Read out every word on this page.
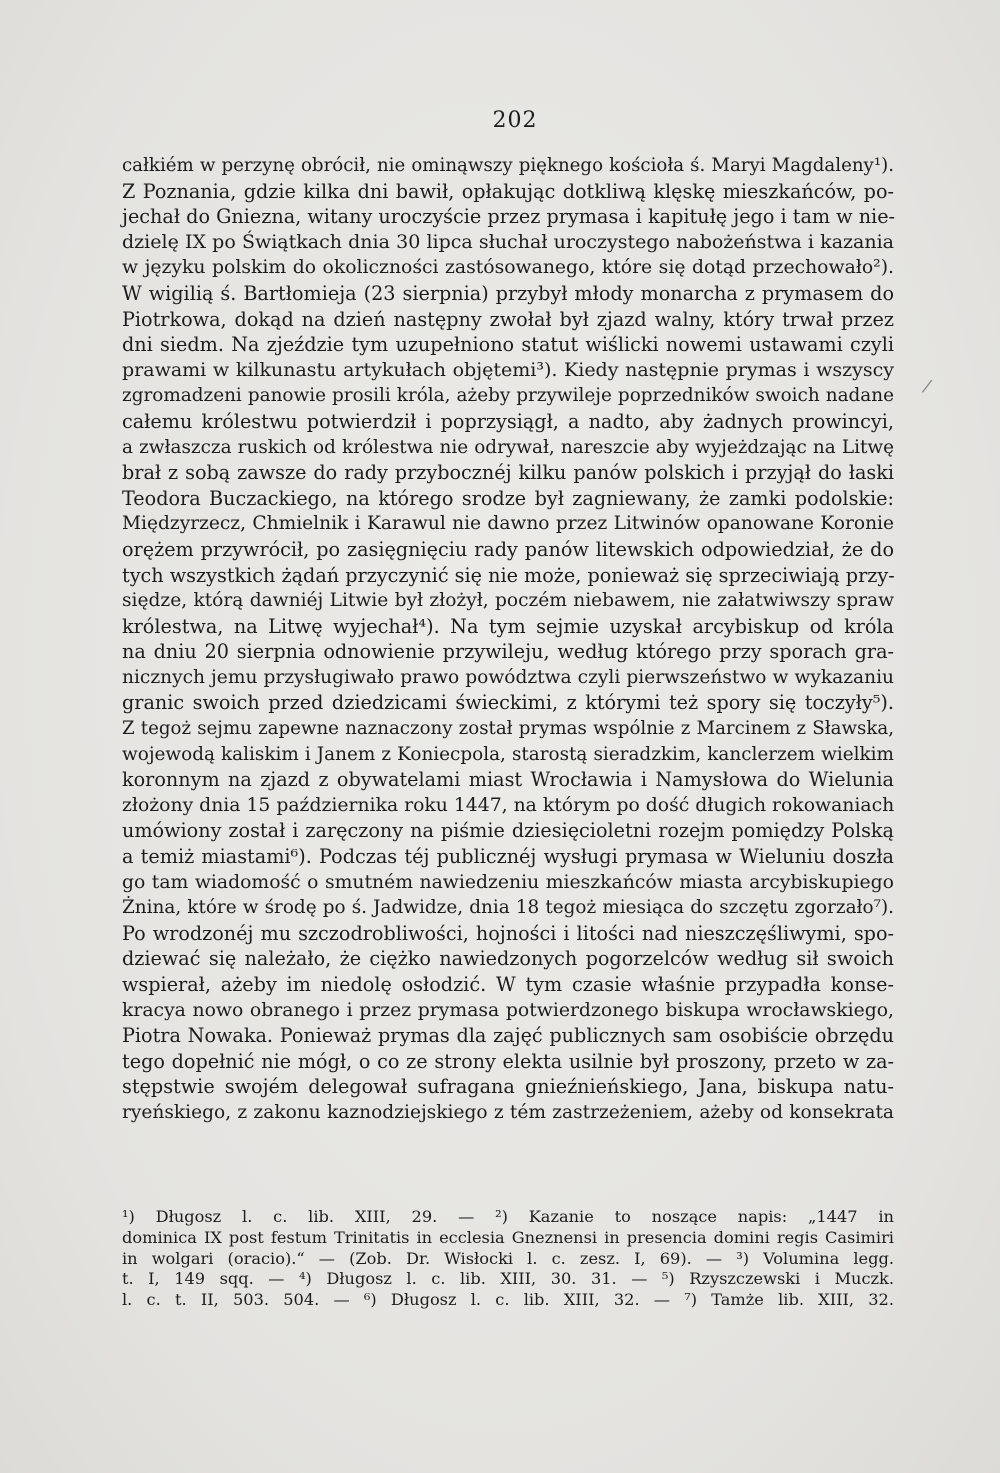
202
/
całkiém w perzynę obrócił, nie ominąwszy pięknego kościoła ś. Maryi Magdaleny¹).
Z Poznania, gdzie kilka dni bawił, opłakując dotkliwą klęskę mieszkańców, po-
jechał do Gniezna, witany uroczyście przez prymasa i kapitułę jego i tam w nie-
dzielę IX po Świątkach dnia 30 lipca słuchał uroczystego nabożeństwa i kazania
w języku polskim do okoliczności zastósowanego, które się dotąd przechowało²).
W wigilią ś. Bartłomieja (23 sierpnia) przybył młody monarcha z prymasem do
Piotrkowa, dokąd na dzień następny zwołał był zjazd walny, który trwał przez
dni siedm. Na zjeździe tym uzupełniono statut wiślicki nowemi ustawami czyli
prawami w kilkunastu artykułach objętemi³). Kiedy następnie prymas i wszyscy
zgromadzeni panowie prosili króla, ażeby przywileje poprzedników swoich nadane
całemu królestwu potwierdził i poprzysiągł, a nadto, aby żadnych prowincyi,
a zwłaszcza ruskich od królestwa nie odrywał, nareszcie aby wyjeżdzając na Litwę
brał z sobą zawsze do rady przybocznéj kilku panów polskich i przyjął do łaski
Teodora Buczackiego, na którego srodze był zagniewany, że zamki podolskie:
Międzyrzecz, Chmielnik i Karawul nie dawno przez Litwinów opanowane Koronie
orężem przywrócił, po zasięgnięciu rady panów litewskich odpowiedział, że do
tych wszystkich żądań przyczynić się nie może, ponieważ się sprzeciwiają przy-
siędze, którą dawniéj Litwie był złożył, poczém niebawem, nie załatwiwszy spraw
królestwa, na Litwę wyjechał⁴). Na tym sejmie uzyskał arcybiskup od króla
na dniu 20 sierpnia odnowienie przywileju, według którego przy sporach gra-
nicznych jemu przysługiwało prawo powództwa czyli pierwszeństwo w wykazaniu
granic swoich przed dziedzicami świeckimi, z którymi też spory się toczyły⁵).
Z tegoż sejmu zapewne naznaczony został prymas wspólnie z Marcinem z Sławska,
wojewodą kaliskim i Janem z Koniecpola, starostą sieradzkim, kanclerzem wielkim
koronnym na zjazd z obywatelami miast Wrocławia i Namysłowa do Wielunia
złożony dnia 15 października roku 1447, na którym po dość długich rokowaniach
umówiony został i zaręczony na piśmie dziesięcioletni rozejm pomiędzy Polską
a temiż miastami⁶). Podczas téj publicznéj wysługi prymasa w Wieluniu doszła
go tam wiadomość o smutném nawiedzeniu mieszkańców miasta arcybiskupiego
Żnina, które w środę po ś. Jadwidze, dnia 18 tegoż miesiąca do szczętu zgorzało⁷).
Po wrodzonéj mu szczodrobliwości, hojności i litości nad nieszczęśliwymi, spo-
dziewać się należało, że ciężko nawiedzonych pogorzelców według sił swoich
wspierał, ażeby im niedolę osłodzić. W tym czasie właśnie przypadła konse-
kracya nowo obranego i przez prymasa potwierdzonego biskupa wrocławskiego,
Piotra Nowaka. Ponieważ prymas dla zajęć publicznych sam osobiście obrzędu
tego dopełnić nie mógł, o co ze strony elekta usilnie był proszony, przeto w za-
stępstwie swojém delegował sufragana gnieźnieńskiego, Jana, biskupa natu-
ryeńskiego, z zakonu kaznodziejskiego z tém zastrzeżeniem, ażeby od konsekrata
¹) Długosz l. c. lib. XIII, 29. — ²) Kazanie to noszące napis: „1447 in
dominica IX post festum Trinitatis in ecclesia Gneznensi in presencia domini regis Casimiri
in wolgari (oracio).“ — (Zob. Dr. Wisłocki l. c. zesz. I, 69). — ³) Volumina legg.
t. I, 149 sqq. — ⁴) Długosz l. c. lib. XIII, 30. 31. — ⁵) Rzyszczewski i Muczk.
l. c. t. II, 503. 504. — ⁶) Długosz l. c. lib. XIII, 32. — ⁷) Tamże lib. XIII, 32.
